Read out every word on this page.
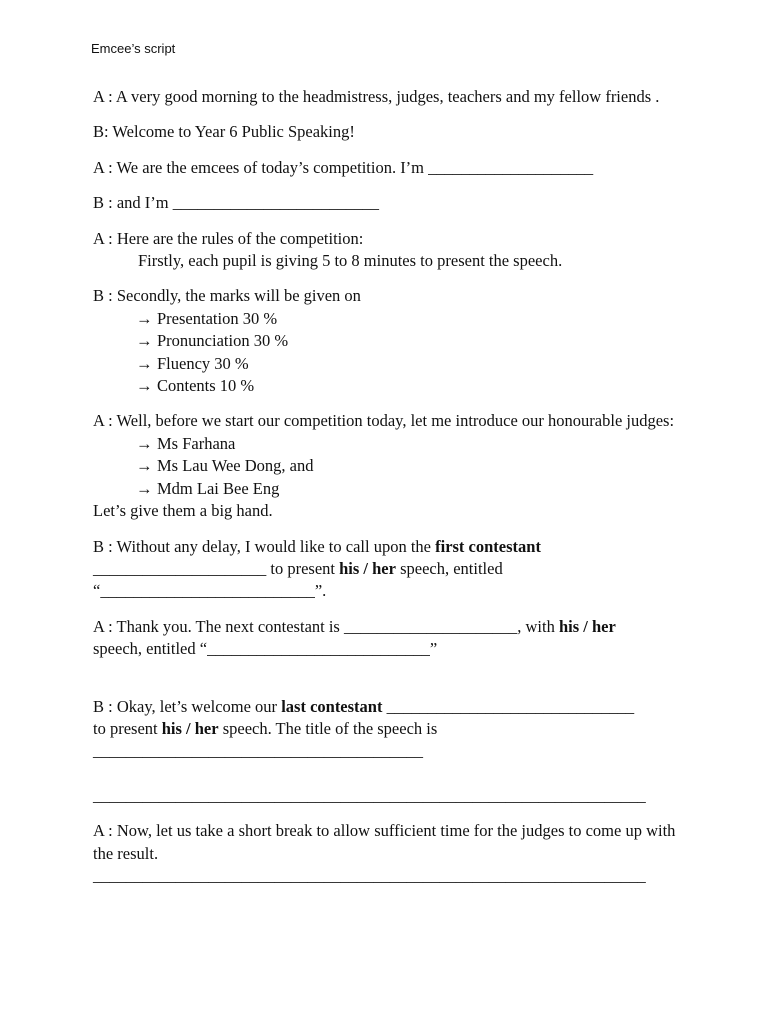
Emcee’s script

A : A very good morning to the headmistress, judges, teachers and my fellow friends .

B: Welcome to Year 6 Public Speaking!

A : We are the emcees of today’s competition. I’m ____________________

B : and I’m _________________________

A : Here are the rules of the competition:
Firstly, each pupil is giving 5 to 8 minutes to present the speech.
B : Secondly, the marks will be given on
→ Presentation 30 %
→ Pronunciation 30 %
→ Fluency 30 %
→ Contents 10 %
A : Well, before we start our competition today, let me introduce our honourable judges:
→ Ms Farhana
→ Ms Lau Wee Dong, and
→ Mdm Lai Bee Eng
Let’s give them a big hand.
B : Without any delay, I would like to call upon the first contestant
_____________________ to present his / her speech, entitled
“__________________________”.
A : Thank you. The next contestant is _____________________, with his / her
speech, entitled “___________________________”
B : Okay, let’s welcome our last contestant ______________________________
to present his / her speech. The title of the speech is
________________________________________
___________________________________________________________________
A : Now, let us take a short break to allow sufficient time for the judges to come up with the result.
___________________________________________________________________
